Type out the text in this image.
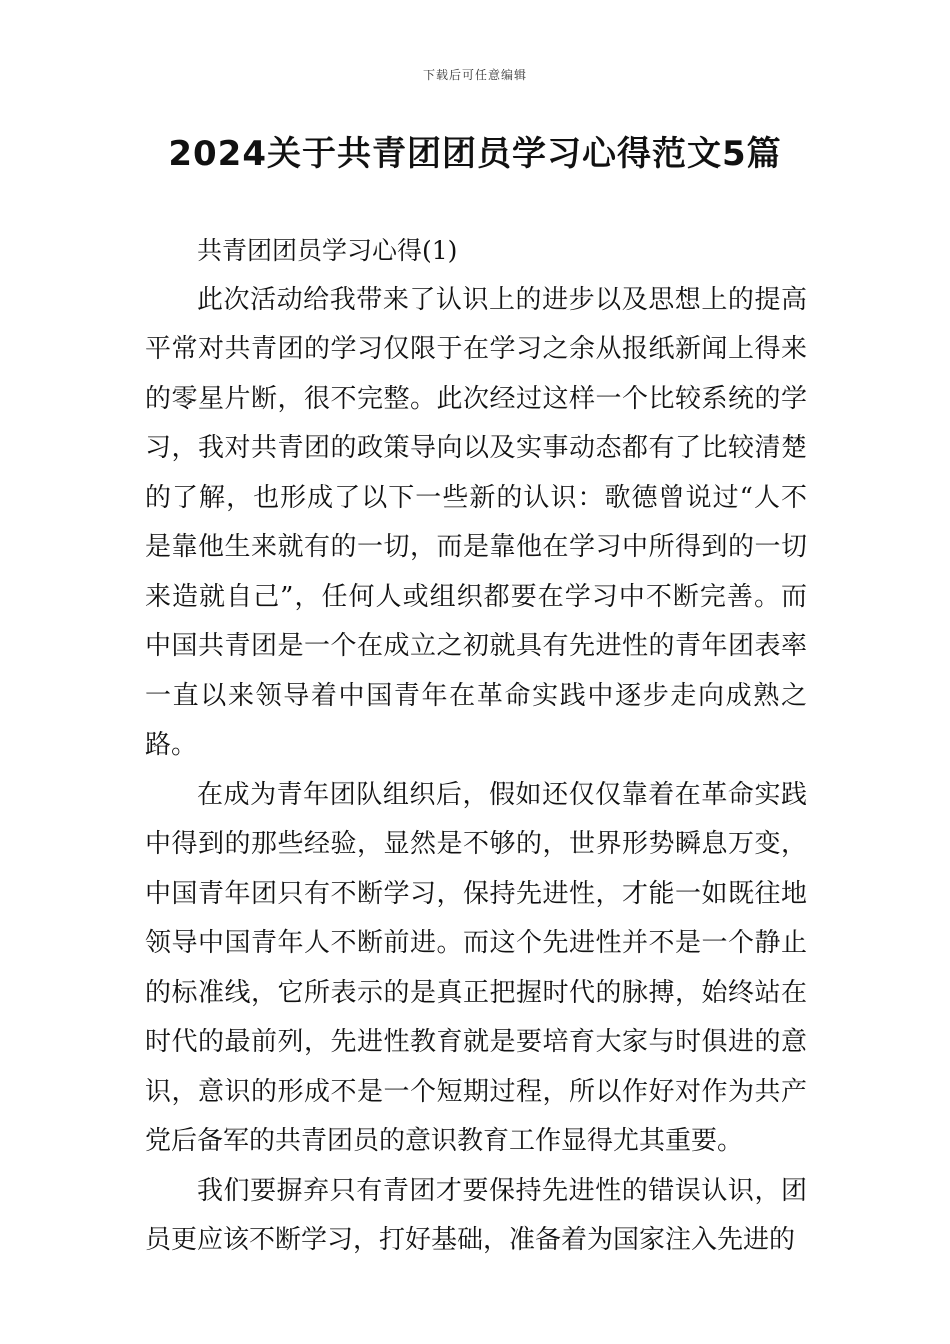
下载后可任意编辑
2024关于共青团团员学习心得范文5篇

共青团团员学习心得(1)

此次活动给我带来了认识上的进步以及思想上的提高平常对共青团的学习仅限于在学习之余从报纸新闻上得来的零星片断，很不完整。此次经过这样一个比较系统的学习，我对共青团的政策导向以及实事动态都有了比较清楚的了解，也形成了以下一些新的认识：歌德曾说过“人不是靠他生来就有的一切，而是靠他在学习中所得到的一切来造就自己”，任何人或组织都要在学习中不断完善。而中国共青团是一个在成立之初就具有先进性的青年团表率一直以来领导着中国青年在革命实践中逐步走向成熟之路。

在成为青年团队组织后，假如还仅仅靠着在革命实践中得到的那些经验，显然是不够的，世界形势瞬息万变，中国青年团只有不断学习，保持先进性，才能一如既往地领导中国青年人不断前进。而这个先进性并不是一个静止的标准线，它所表示的是真正把握时代的脉搏，始终站在时代的最前列，先进性教育就是要培育大家与时俱进的意识，意识的形成不是一个短期过程，所以作好对作为共产党后备军的共青团员的意识教育工作显得尤其重要。

我们要摒弃只有青团才要保持先进性的错误认识，团员更应该不断学习，打好基础，准备着为国家注入先进的
